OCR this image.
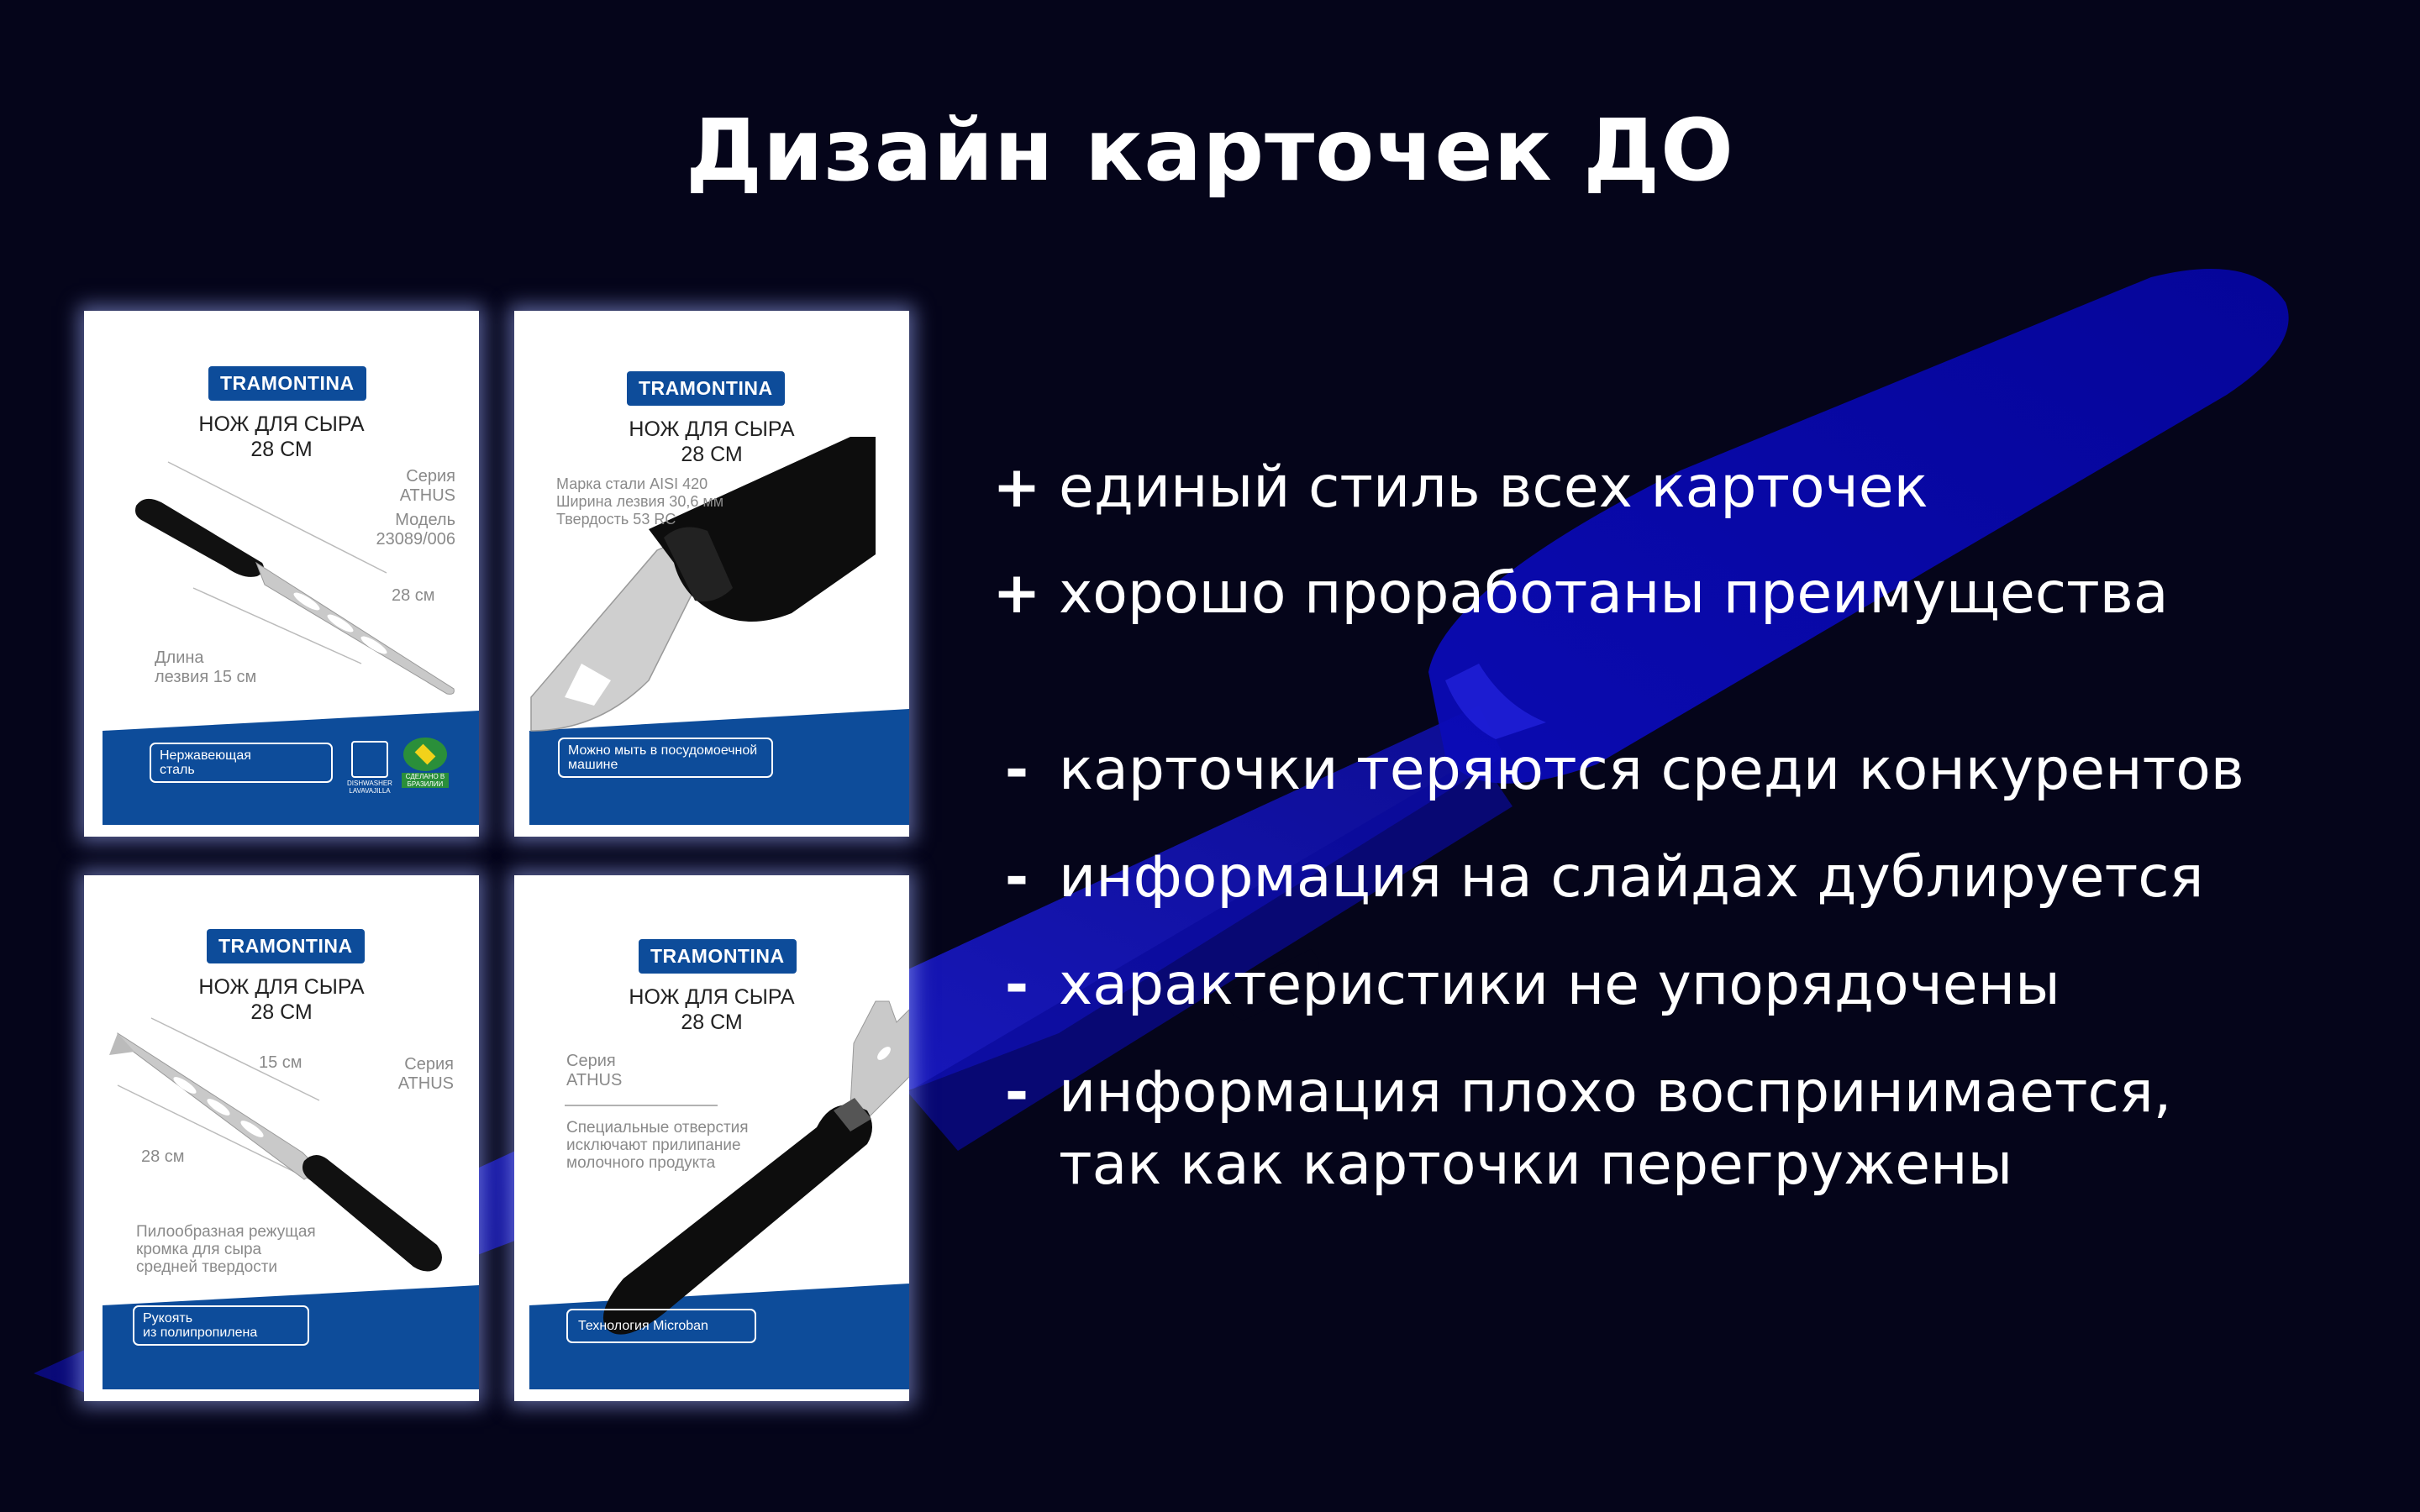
Дизайн карточек ДО
TRAMONTINA
НОЖ ДЛЯ СЫРА
28 СМ
Серия
ATHUS
Модель
23089/006
28 см
Длина
лезвия 15 см
Нержавеющая
сталь
DISHWASHER
LAVAVAJILLA
СДЕЛАНО В
БРАЗИЛИИ
TRAMONTINA
НОЖ ДЛЯ СЫРА
28 СМ
Марка стали AISI 420
Ширина лезвия 30,6 мм
Твердость 53 RC
Можно мыть в посудомоечной
машине
TRAMONTINA
НОЖ ДЛЯ СЫРА
28 СМ
15 см	Серия
ATHUS
28 см
Пилообразная режущая
кромка для сыра
средней твердости
Рукоять
из полипропилена
TRAMONTINA
НОЖ ДЛЯ СЫРА
28 СМ
Серия
ATHUS
Специальные отверстия
исключают прилипание
молочного продукта
Технология Microban
+ единый стиль всех карточек
+ хорошо проработаны преимущества
- карточки теряются среди конкурентов
- информация на слайдах дублируется
- характеристики не упорядочены
- информация плохо воспринимается,
так как карточки перегружены
